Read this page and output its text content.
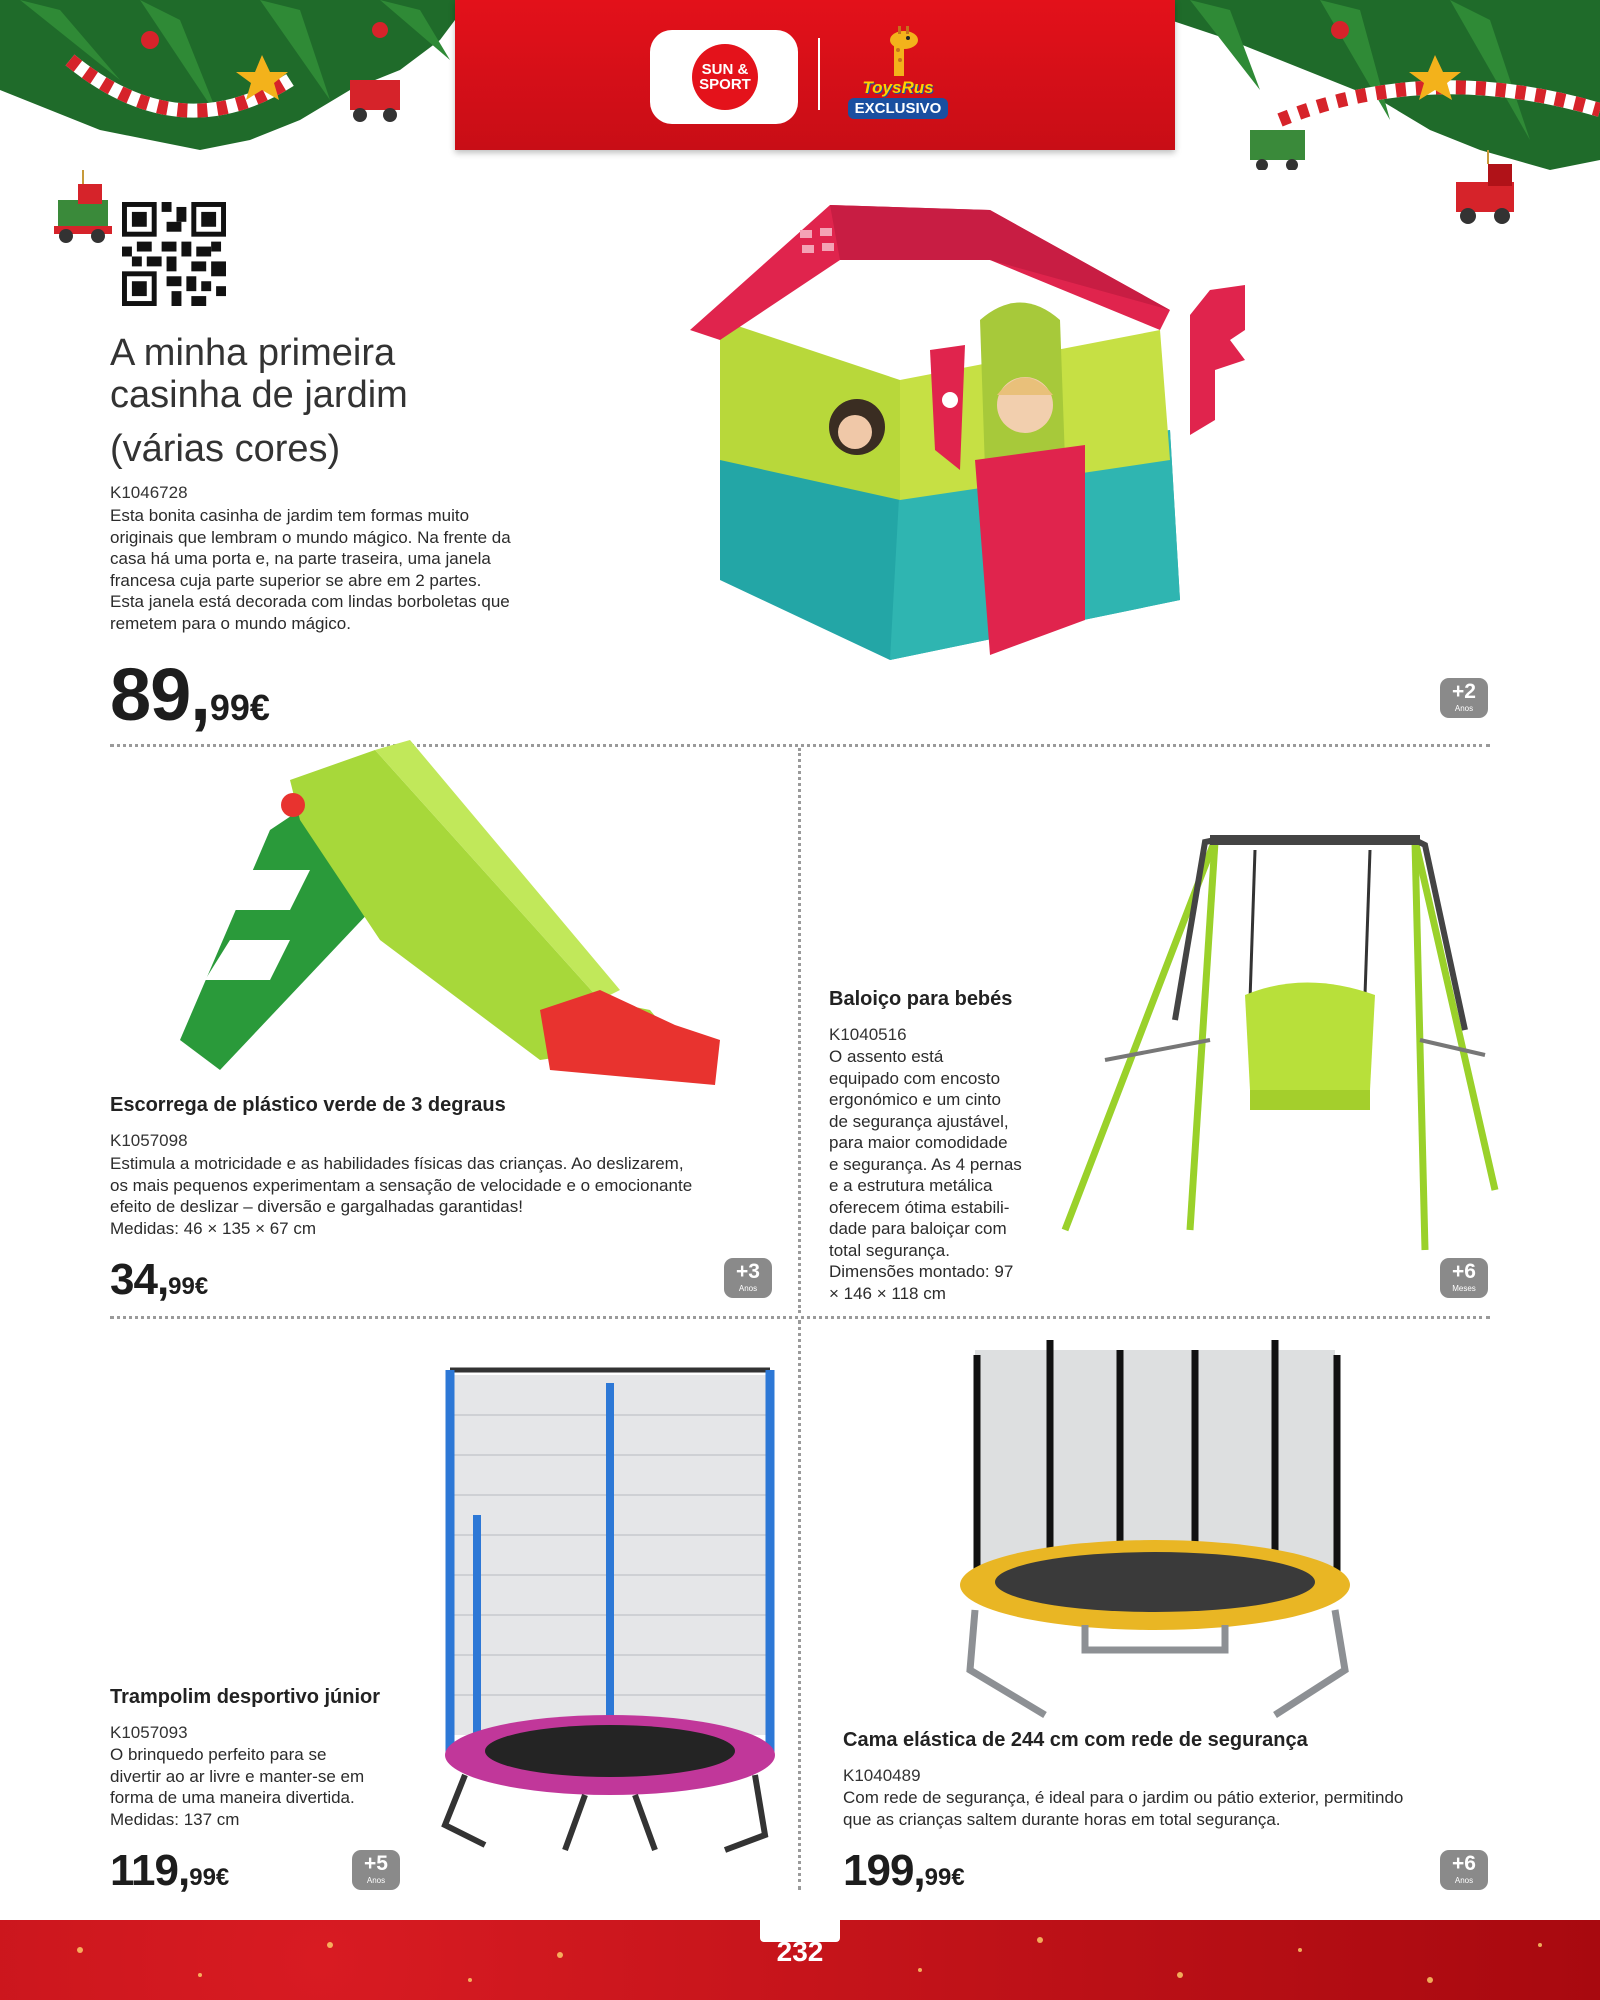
SUN & SPORT	ToysRus
EXCLUSIVO
A minha primeira
casinha de jardim
(várias cores)
K1046728
Esta bonita casinha de jardim tem formas muito
originais que lembram o mundo mágico. Na frente da
casa há uma porta e, na parte traseira, uma janela
francesa cuja parte superior se abre em 2 partes.
Esta janela está decorada com lindas borboletas que
remetem para o mundo mágico.
89,99€	+2
Anos
Escorrega de plástico verde de 3 degraus
K1057098
Estimula a motricidade e as habilidades físicas das crianças. Ao deslizarem,
os mais pequenos experimentam a sensação de velocidade e o emocionante
efeito de deslizar – diversão e gargalhadas garantidas!
Medidas: 46 × 135 × 67 cm
34,99€
+3
Anos
Baloiço para bebés
K1040516
O assento está
equipado com encosto
ergonómico e um cinto
de segurança ajustável,
para maior comodidade
e segurança. As 4 pernas
e a estrutura metálica
oferecem ótima estabili-
dade para baloiçar com
total segurança.
Dimensões montado: 97
× 146 × 118 cm
+6
Meses
Trampolim desportivo júnior
K1057093
O brinquedo perfeito para se
divertir ao ar livre e manter-se em
forma de uma maneira divertida.
Medidas: 137 cm
119,99€
+5
Anos
Cama elástica de 244 cm com rede de segurança
K1040489
Com rede de segurança, é ideal para o jardim ou pátio exterior, permitindo
que as crianças saltem durante horas em total segurança.
199,99€
+6
Anos
232
